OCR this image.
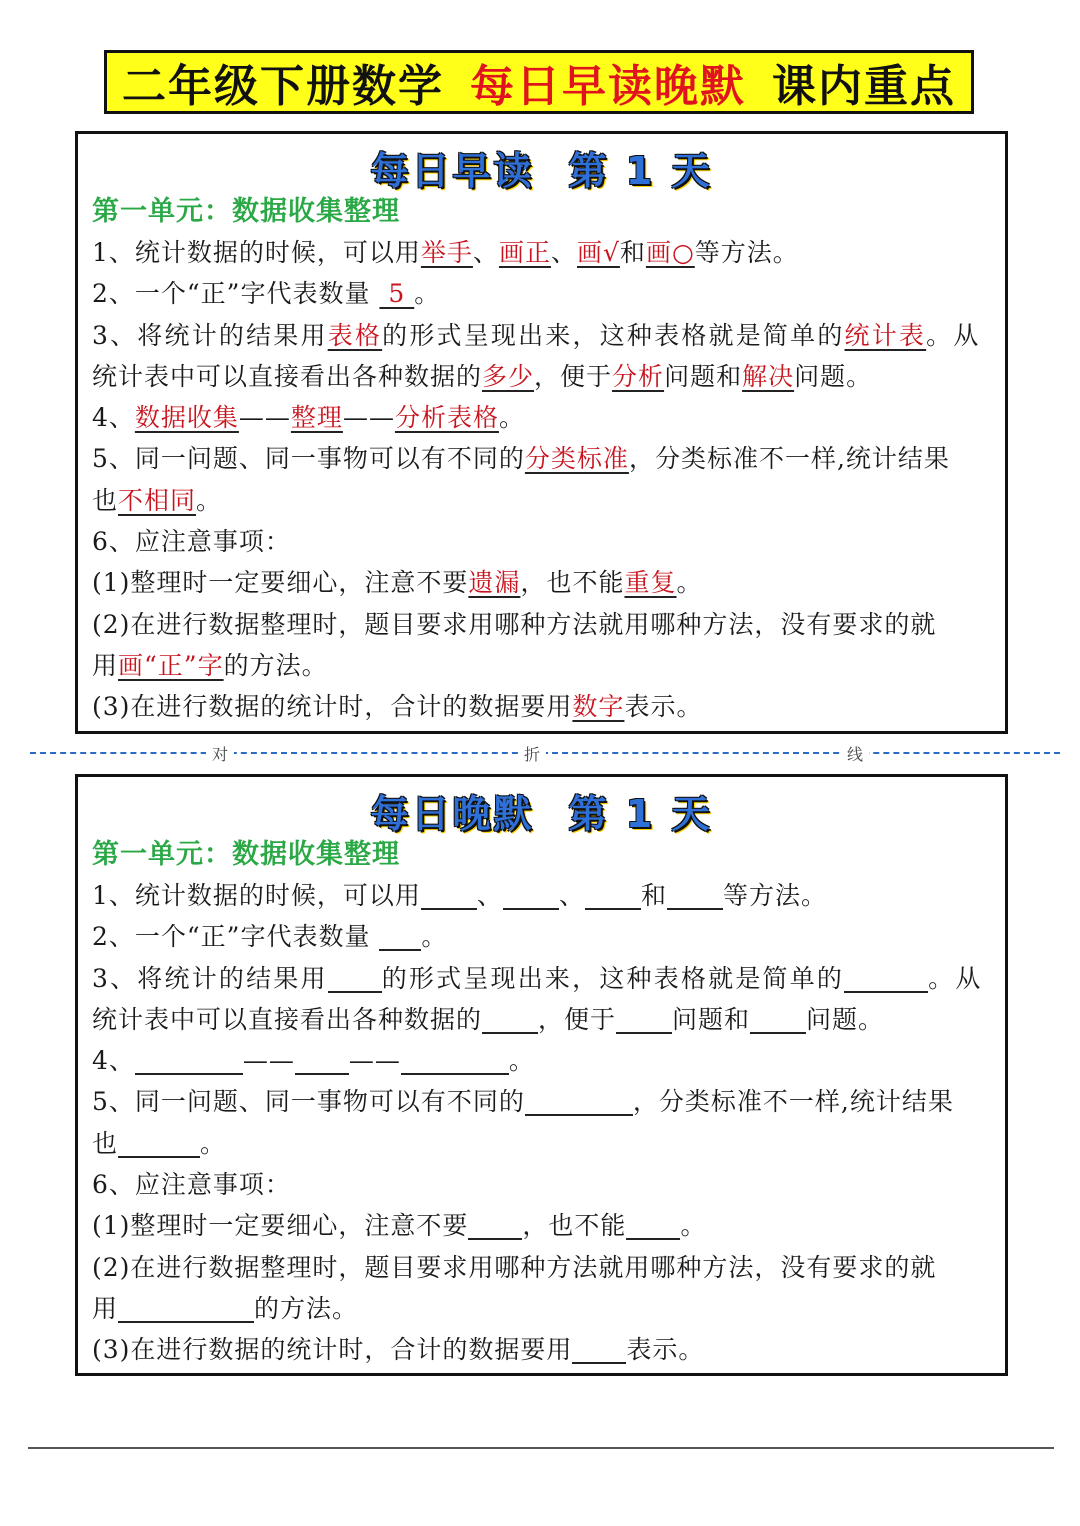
二年级下册数学 每日早读晚默 课内重点
每日早读 第 1 天
第一单元：数据收集整理
1、统计数据的时候，可以用举手、画正、画√和画○等方法。
2、一个“正”字代表数量  5 。
3、将统计的结果用表格的形式呈现出来，这种表格就是简单的统计表。从
统计表中可以直接看出各种数据的多少，便于分析问题和解决问题。
4、数据收集——整理——分析表格。
5、同一问题、同一事物可以有不同的分类标准，分类标准不一样,统计结果
也不相同。
6、应注意事项：
(1)整理时一定要细心，注意不要遗漏，也不能重复。
(2)在进行数据整理时，题目要求用哪种方法就用哪种方法，没有要求的就
用画“正”字的方法。
(3)在进行数据的统计时，合计的数据要用数字表示。
对	折	线
每日晚默 第 1 天
第一单元：数据收集整理
1、统计数据的时候，可以用 、 、 和 等方法。
2、一个“正”字代表数量 。
3、将统计的结果用 的形式呈现出来，这种表格就是简单的	。从
统计表中可以直接看出各种数据的 ，便于 问题和 问题。
4、	—— ——	。
5、同一问题、同一事物可以有不同的	，分类标准不一样,统计结果
也	。
6、应注意事项：
(1)整理时一定要细心，注意不要 ，也不能 。
(2)在进行数据整理时，题目要求用哪种方法就用哪种方法，没有要求的就
用	的方法。
(3)在进行数据的统计时，合计的数据要用 表示。
